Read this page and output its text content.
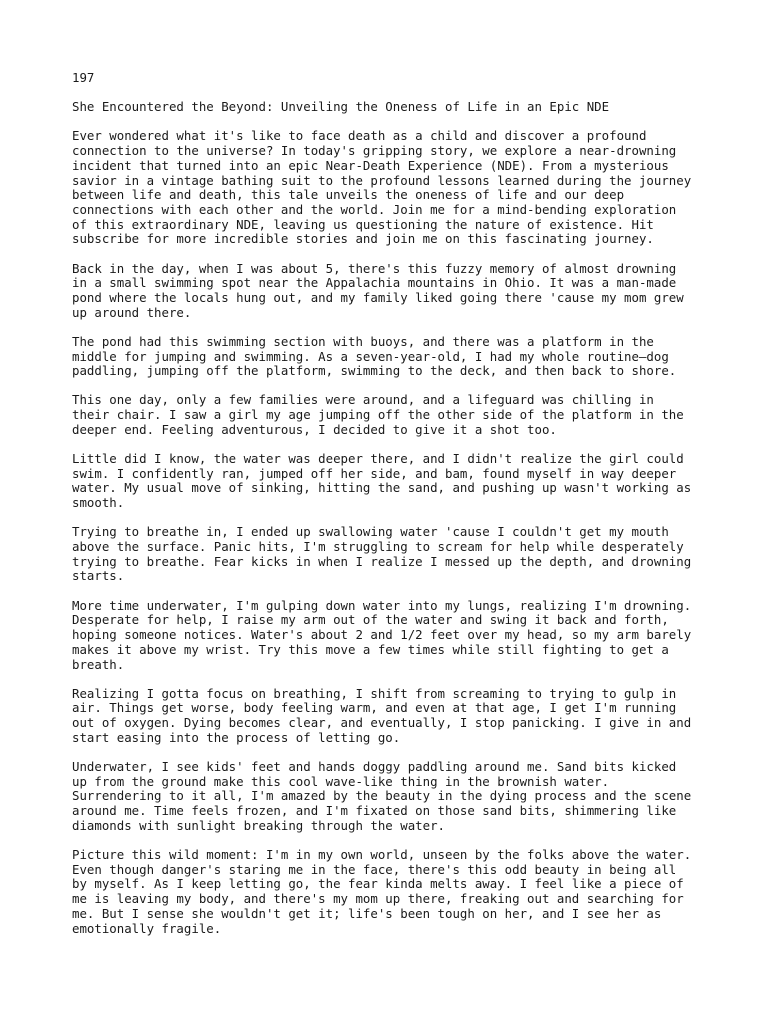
197

She Encountered the Beyond: Unveiling the Oneness of Life in an Epic NDE

Ever wondered what it's like to face death as a child and discover a profound
connection to the universe? In today's gripping story, we explore a near-drowning
incident that turned into an epic Near-Death Experience (NDE). From a mysterious
savior in a vintage bathing suit to the profound lessons learned during the journey
between life and death, this tale unveils the oneness of life and our deep
connections with each other and the world. Join me for a mind-bending exploration
of this extraordinary NDE, leaving us questioning the nature of existence. Hit
subscribe for more incredible stories and join me on this fascinating journey.

Back in the day, when I was about 5, there's this fuzzy memory of almost drowning
in a small swimming spot near the Appalachia mountains in Ohio. It was a man-made
pond where the locals hung out, and my family liked going there 'cause my mom grew
up around there.

The pond had this swimming section with buoys, and there was a platform in the
middle for jumping and swimming. As a seven-year-old, I had my whole routine—dog
paddling, jumping off the platform, swimming to the deck, and then back to shore.

This one day, only a few families were around, and a lifeguard was chilling in
their chair. I saw a girl my age jumping off the other side of the platform in the
deeper end. Feeling adventurous, I decided to give it a shot too.

Little did I know, the water was deeper there, and I didn't realize the girl could
swim. I confidently ran, jumped off her side, and bam, found myself in way deeper
water. My usual move of sinking, hitting the sand, and pushing up wasn't working as
smooth.

Trying to breathe in, I ended up swallowing water 'cause I couldn't get my mouth
above the surface. Panic hits, I'm struggling to scream for help while desperately
trying to breathe. Fear kicks in when I realize I messed up the depth, and drowning
starts.

More time underwater, I'm gulping down water into my lungs, realizing I'm drowning.
Desperate for help, I raise my arm out of the water and swing it back and forth,
hoping someone notices. Water's about 2 and 1/2 feet over my head, so my arm barely
makes it above my wrist. Try this move a few times while still fighting to get a
breath.

Realizing I gotta focus on breathing, I shift from screaming to trying to gulp in
air. Things get worse, body feeling warm, and even at that age, I get I'm running
out of oxygen. Dying becomes clear, and eventually, I stop panicking. I give in and
start easing into the process of letting go.

Underwater, I see kids' feet and hands doggy paddling around me. Sand bits kicked
up from the ground make this cool wave-like thing in the brownish water.
Surrendering to it all, I'm amazed by the beauty in the dying process and the scene
around me. Time feels frozen, and I'm fixated on those sand bits, shimmering like
diamonds with sunlight breaking through the water.

Picture this wild moment: I'm in my own world, unseen by the folks above the water.
Even though danger's staring me in the face, there's this odd beauty in being all
by myself. As I keep letting go, the fear kinda melts away. I feel like a piece of
me is leaving my body, and there's my mom up there, freaking out and searching for
me. But I sense she wouldn't get it; life's been tough on her, and I see her as
emotionally fragile.
